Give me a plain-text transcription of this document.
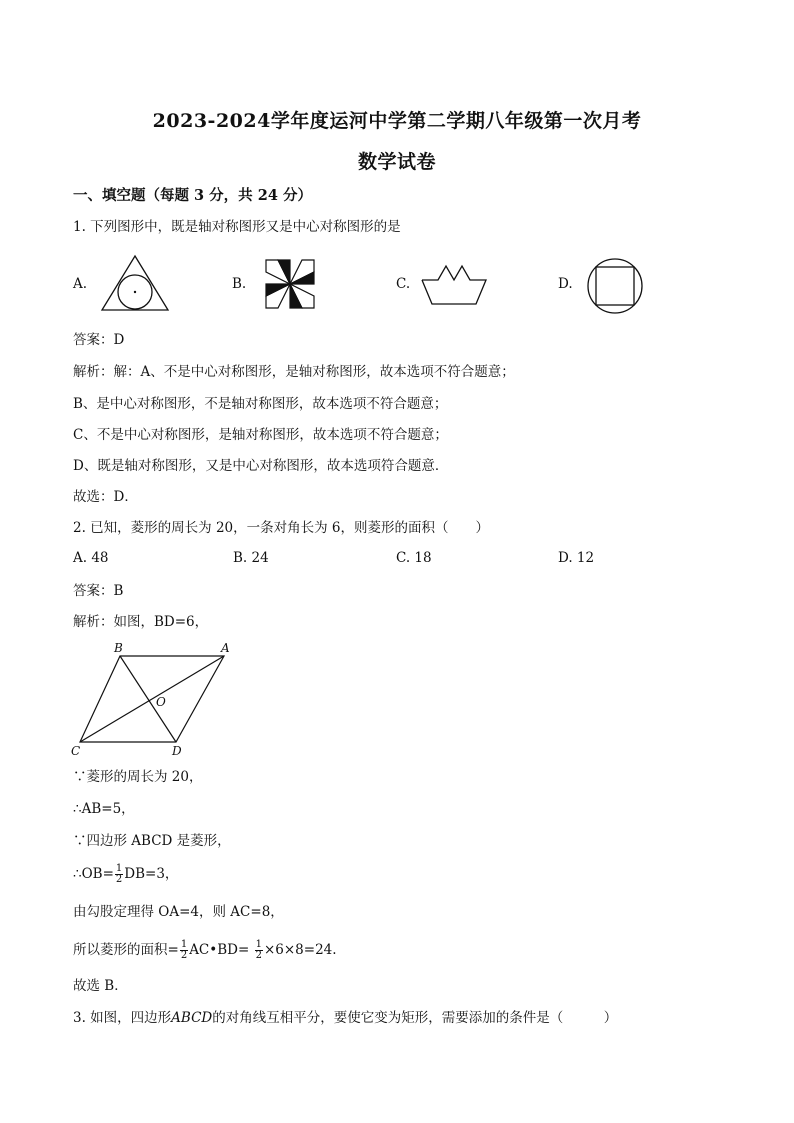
2023-2024学年度运河中学第二学期八年级第一次月考
数学试卷
一、填空题（每题 3 分，共 24 分）
1. 下列图形中，既是轴对称图形又是中心对称图形的是
A.	B.	C.	D.
答案：D
解析：解：A、不是中心对称图形，是轴对称图形，故本选项不符合题意；
B、是中心对称图形，不是轴对称图形，故本选项不符合题意；
C、不是中心对称图形，是轴对称图形，故本选项不符合题意；
D、既是轴对称图形，又是中心对称图形，故本选项符合题意．
故选：D．
2. 已知，菱形的周长为 20，一条对角长为 6，则菱形的面积（　　）
A. 48	B. 24	C. 18	D. 12
答案：B
解析：如图，BD=6，
B	A
C	D
O
∵菱形的周长为 20，
∴AB=5，
∵四边形 ABCD 是菱形，
∴OB= $\frac{1}{2} DB=3$，
由勾股定理得 OA=4，则 AC=8，
所以菱形的面积= $\frac{1}{2}$ AC•BD= $\frac{1}{2} \times 6\times 8=24$.
故选 B．
3. 如图，四边形ABCD的对角线互相平分，要使它变为矩形，需要添加的条件是（　　　）
